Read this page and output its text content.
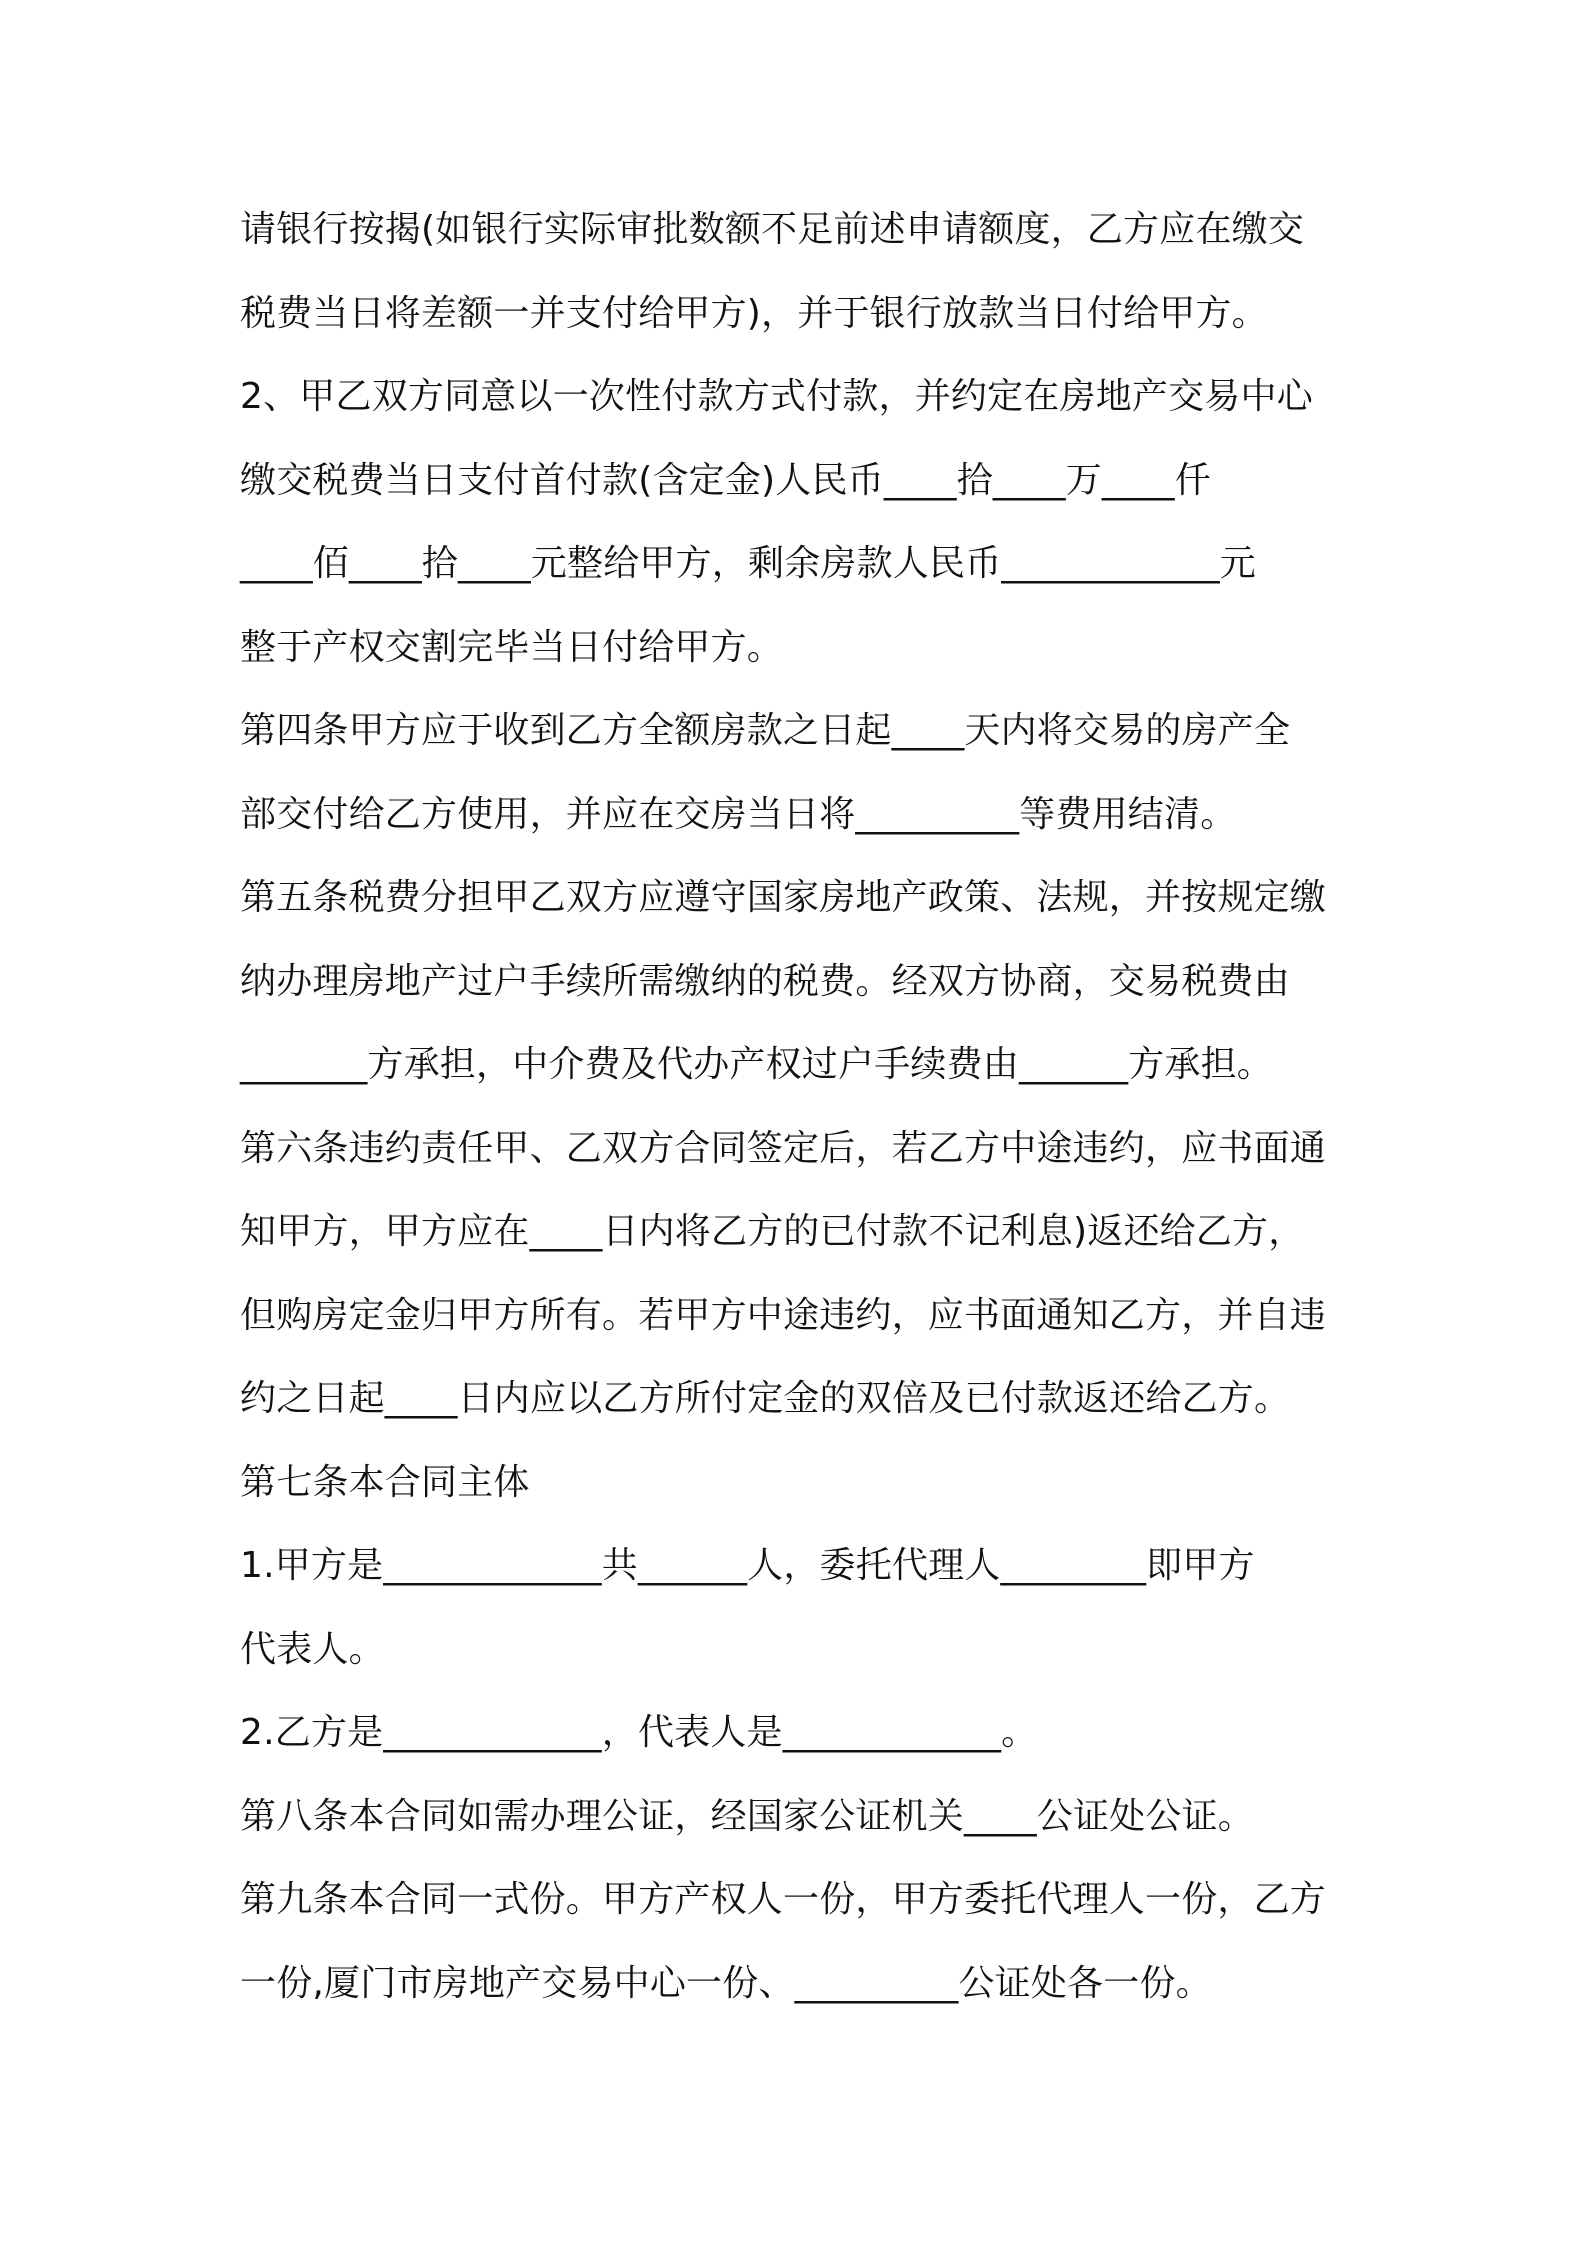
请银行按揭(如银行实际审批数额不足前述申请额度，乙方应在缴交
税费当日将差额一并支付给甲方)，并于银行放款当日付给甲方。
2、甲乙双方同意以一次性付款方式付款，并约定在房地产交易中心
缴交税费当日支付首付款(含定金)人民币____拾____万____仟
____佰____拾____元整给甲方，剩余房款人民币____________元
整于产权交割完毕当日付给甲方。
第四条甲方应于收到乙方全额房款之日起____天内将交易的房产全
部交付给乙方使用，并应在交房当日将_________等费用结清。
第五条税费分担甲乙双方应遵守国家房地产政策、法规，并按规定缴
纳办理房地产过户手续所需缴纳的税费。经双方协商，交易税费由
_______方承担，中介费及代办产权过户手续费由______方承担。
第六条违约责任甲、乙双方合同签定后，若乙方中途违约，应书面通
知甲方，甲方应在____日内将乙方的已付款不记利息)返还给乙方，
但购房定金归甲方所有。若甲方中途违约，应书面通知乙方，并自违
约之日起____日内应以乙方所付定金的双倍及已付款返还给乙方。
第七条本合同主体
1.甲方是____________共______人，委托代理人________即甲方
代表人。
2.乙方是____________，代表人是____________。
第八条本合同如需办理公证，经国家公证机关____公证处公证。
第九条本合同一式份。甲方产权人一份，甲方委托代理人一份，乙方
一份,厦门市房地产交易中心一份、_________公证处各一份。
